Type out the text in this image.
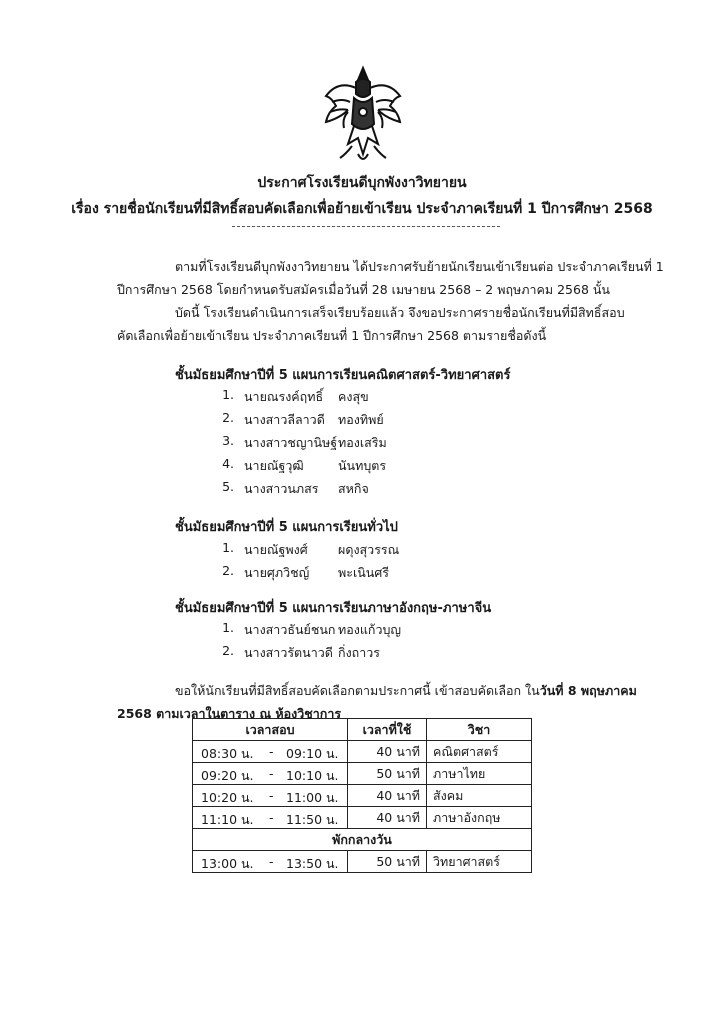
ประกาศโรงเรียนดีบุกพังงาวิทยายน
เรื่อง รายชื่อนักเรียนที่มีสิทธิ์สอบคัดเลือกเพื่อย้ายเข้าเรียน ประจำภาคเรียนที่ 1 ปีการศึกษา 2568
ตามที่โรงเรียนดีบุกพังงาวิทยายน ได้ประกาศรับย้ายนักเรียนเข้าเรียนต่อ ประจำภาคเรียนที่ 1
ปีการศึกษา 2568 โดยกำหนดรับสมัครเมื่อวันที่ 28 เมษายน 2568 – 2 พฤษภาคม 2568 นั้น
บัดนี้ โรงเรียนดำเนินการเสร็จเรียบร้อยแล้ว จึงขอประกาศรายชื่อนักเรียนที่มีสิทธิ์สอบ
คัดเลือกเพื่อย้ายเข้าเรียน ประจำภาคเรียนที่ 1 ปีการศึกษา 2568 ตามรายชื่อดังนี้
ชั้นมัธยมศึกษาปีที่ 5 แผนการเรียนคณิตศาสตร์-วิทยาศาสตร์
1. นายณรงค์ฤทธิ์ คงสุข
2. นางสาวลีลาวดี ทองทิพย์
3. นางสาวชญานิษฐ์ ทองเสริม
4. นายณัฐวุฒิ	นันทบุตร
5. นางสาวนภสร สหกิจ
ชั้นมัธยมศึกษาปีที่ 5 แผนการเรียนทั่วไป
1. นายณัฐพงศ์ ผดุงสุวรรณ
2. นายศุภวิชญ์ พะเนินศรี
ชั้นมัธยมศึกษาปีที่ 5 แผนการเรียนภาษาอังกฤษ-ภาษาจีน
1. นางสาวธันย์ชนก ทองแก้วบุญ
2. นางสาวรัตนาวดี กิ่งถาวร
ขอให้นักเรียนที่มีสิทธิ์สอบคัดเลือกตามประกาศนี้ เข้าสอบคัดเลือก ในวันที่ 8 พฤษภาคม
2568 ตามเวลาในตาราง ณ ห้องวิชาการ
เวลาสอบ	เวลาที่ใช้	วิชา

08:30 น. - 09:10 น.	40 นาที	คณิตศาสตร์

09:20 น. - 10:10 น.	50 นาที	ภาษาไทย

10:20 น. - 11:00 น.	40 นาที	สังคม

11:10 น. - 11:50 น.	40 นาที	ภาษาอังกฤษ
พักกลางวัน		

13:00 น. - 13:50 น.	50 นาที	วิทยาศาสตร์
